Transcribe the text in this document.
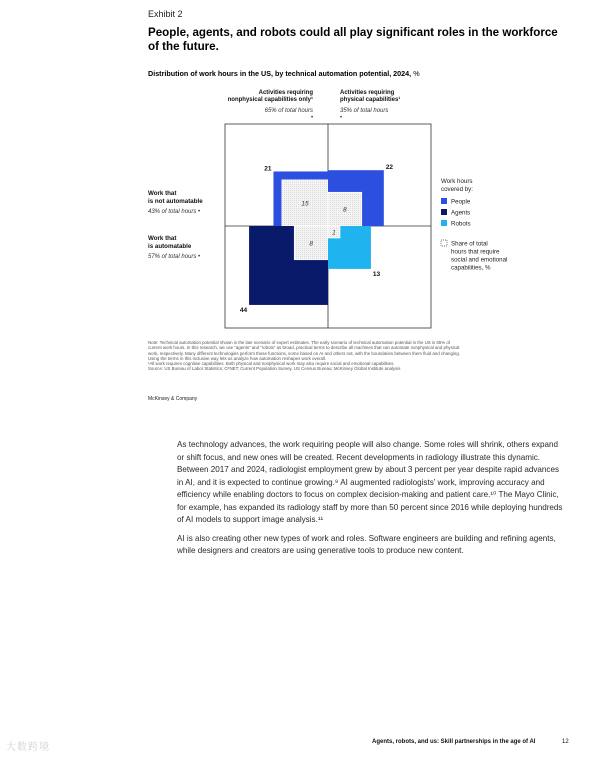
Exhibit 2
People, agents, and robots could all play significant roles in the workforce of the future.
Distribution of work hours in the US, by technical automation potential, 2024, %
15
21
8
22
8
44
1
13
Activities requiring
nonphysical capabilities only¹
65% of total hours
•
Activities requiring
physical capabilities¹
35% of total hours
•
Work that
is not automatable
43% of total hours •
Work that
is automatable
57% of total hours •
Work hours
covered by:
People
Agents
Robots
Share of total
hours that require
social and emotional
capabilities, %
Note: Technical automation potential shown is the late scenario of expert estimates. The early scenario of technical automation potential in the US is 65% of
current work hours. In this research, we use “agents” and “robots” as broad, practical terms to describe all machines that can automate nonphysical and physical
work, respectively. Many different technologies perform these functions, some based on AI and others not, with the boundaries between them fluid and changing.
Using the terms in this inclusive way lets us analyze how automation reshapes work overall.
¹All work requires cognitive capabilities. Both physical and nonphysical work may also require social and emotional capabilities.
Source: US Bureau of Labor Statistics; O*NET; Current Population Survey, US Census Bureau; McKinsey Global Institute analysis
McKinsey & Company

As technology advances, the work requiring people will also change. Some roles will shrink, others expand or shift focus, and new ones will be created. Recent developments in radiology illustrate this dynamic. Between 2017 and 2024, radiologist employment grew by about 3 percent per year despite rapid advances in AI, and it is expected to continue growing.⁹ AI augmented radiologists’ work, improving accuracy and efficiency while enabling doctors to focus on complex decision-making and patient care.¹⁰ The Mayo Clinic, for example, has expanded its radiology staff by more than 50 percent since 2016 while deploying hundreds of AI models to support image analysis.¹¹

AI is also creating other new types of work and roles. Software engineers are building and refining agents, while designers and creators are using generative tools to produce new content.

大数跨境	Agents, robots, and us: Skill partnerships in the age of AI	12
